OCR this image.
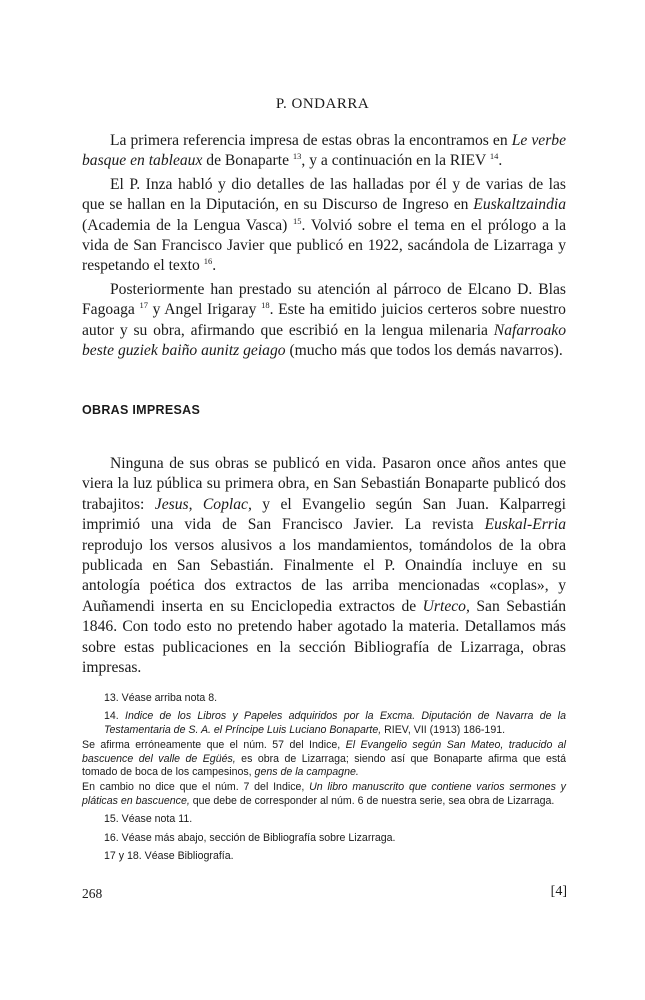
P. ONDARRA

La primera referencia impresa de estas obras la encontramos en Le verbe basque en tableaux de Bonaparte $^{13}$, y a continuación en la RIEV $^{14}$.

El P. Inza habló y dio detalles de las halladas por él y de varias de las que se hallan en la Diputación, en su Discurso de Ingreso en Euskaltzaindia (Academia de la Lengua Vasca) $^{15}$. Volvió sobre el tema en el prólogo a la vida de San Francisco Javier que publicó en 1922, sacándola de Lizarraga y respetando el texto $^{16}$.

Posteriormente han prestado su atención al párroco de Elcano D. Blas Fagoaga $^{17}$ y Angel Irigaray $^{18}$. Este ha emitido juicios certeros sobre nuestro autor y su obra, afirmando que escribió en la lengua milenaria Nafarroako beste guziek baiño aunitz geiago (mucho más que todos los demás navarros).

OBRAS IMPRESAS

Ninguna de sus obras se publicó en vida. Pasaron once años antes que viera la luz pública su primera obra, en San Sebastián Bonaparte publicó dos trabajitos: Jesus, Coplac, y el Evangelio según San Juan. Kalparregi imprimió una vida de San Francisco Javier. La revista Euskal-Erria reprodujo los versos alusivos a los mandamientos, tomándolos de la obra publicada en San Sebastián. Finalmente el P. Onaindía incluye en su antología poética dos extractos de las arriba mencionadas «coplas», y Auñamendi inserta en su Enciclopedia extractos de Urteco, San Sebastián 1846. Con todo esto no pretendo haber agotado la materia. Detallamos más sobre estas publicaciones en la sección Bibliografía de Lizarraga, obras impresas.

13. Véase arriba nota 8.

14. Indice de los Libros y Papeles adquiridos por la Excma. Diputación de Navarra de la Testamentaria de S. A. el Príncipe Luis Luciano Bonaparte, RIEV, VII (1913) 186-191.

Se afirma erróneamente que el núm. 57 del Indice, El Evangelio según San Mateo, traducido al bascuence del valle de Egüés, es obra de Lizarraga; siendo así que Bonaparte afirma que está tomado de boca de los campesinos, gens de la campagne.

En cambio no dice que el núm. 7 del Indice, Un libro manuscrito que contiene varios sermones y pláticas en bascuence, que debe de corresponder al núm. 6 de nuestra serie, sea obra de Lizarraga.

15. Véase nota 11.

16. Véase más abajo, sección de Bibliografía sobre Lizarraga.

17 y 18. Véase Bibliografía.

268	[4]
